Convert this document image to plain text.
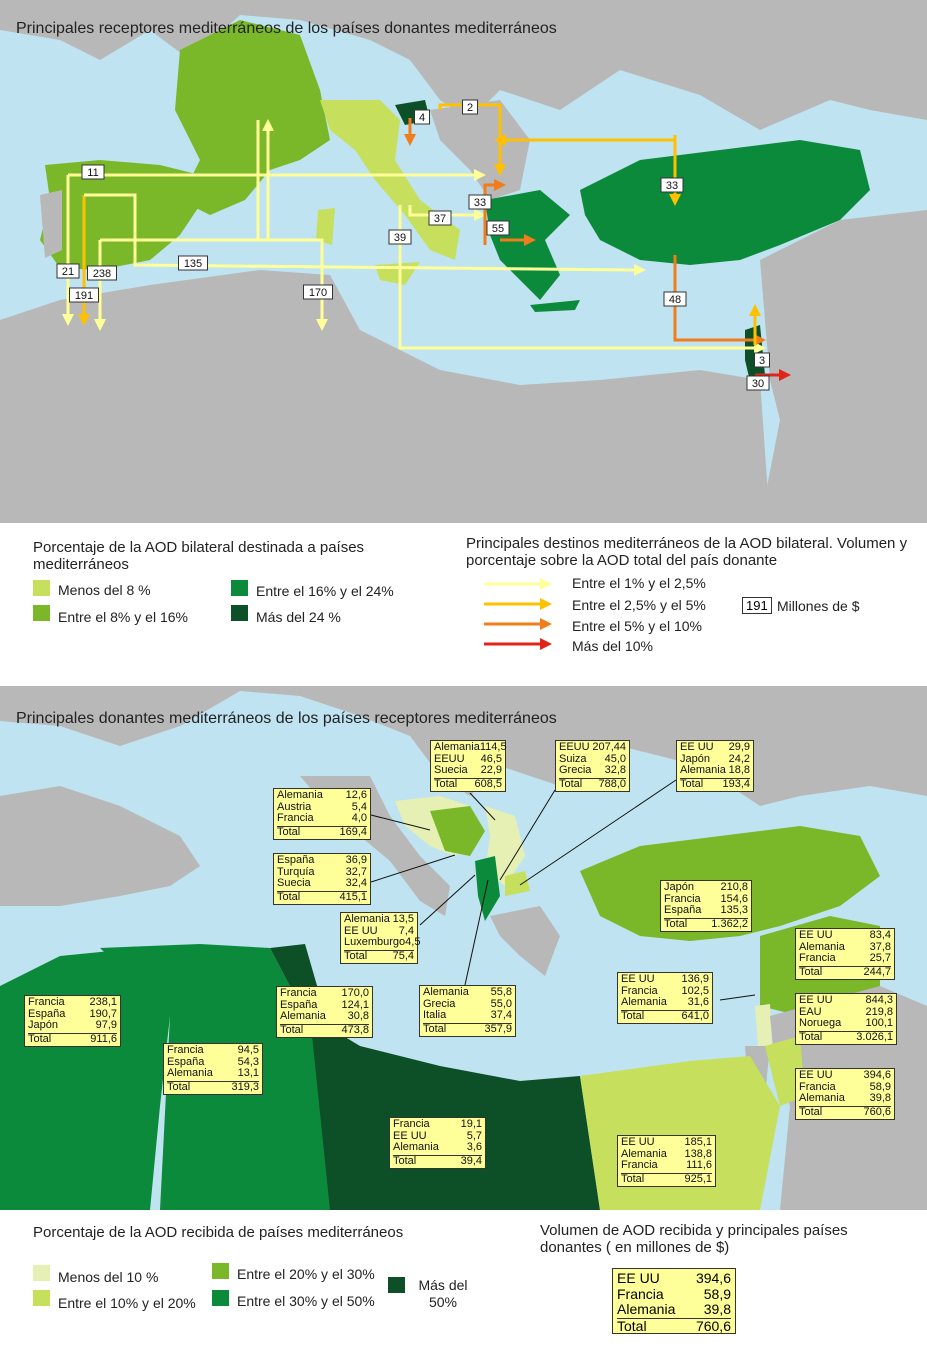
4
2
11
33
37
33
55
39
21 238
191
135
170
48
3
30
Principales receptores mediterráneos de los países donantes mediterráneos
Porcentaje de la AOD bilateral destinada a países mediterráneos
Menos del 8 %
Entre el 8% y el 16%
Entre el 16% y el 24%
Más del 24 %
Principales destinos mediterráneos de la AOD bilateral. Volumen y porcentaje sobre la AOD total del país donante
Entre el 1% y el 2,5%
Entre el 2,5% y el 5%
Entre el 5% y el 10%
Más del 10%
191 Millones de $
Principales donantes mediterráneos de los países receptores mediterráneos
Alemania 114,5
EEUU 46,5
Suecia 22,9
Total 608,5
EEUU 207,44
Suiza 45,0
Grecia 32,8
Total 788,0
EE UU 29,9
Japón 24,2
Alemania 18,8
Total 193,4
Alemania 12,6
Austria	5,4
Francia	4,0
Total	169,4
España	36,9
Turquía	32,7
Suecia	32,4
Total	415,1
Japón 210,8
Francia 154,6
España 135,3
Total 1.362,2
Alemania 13,5
EE UU 7,4
Luxemburgo 4,5
Total 75,4
EE UU	83,4
Alemania 37,8
Francia	25,7
Total	244,7
EE UU 136,9
Francia 102,5
Alemania 31,6
Total	641,0
EE UU	844,3
EAU	219,8
Noruega 100,1
Total	3.026,1
Francia 238,1
España 190,7
Japón	97,9
Total	911,6
Francia 170,0
España 124,1
Alemania 30,8
Total	473,8
Alemania 55,8
Grecia	55,0
Italia	37,4
Total	357,9
Francia	94,5
España	54,3
Alemania 13,1
Total	319,3
EE UU	394,6
Francia	58,9
Alemania 39,8
Total	760,6
Francia	19,1
EE UU	5,7
Alemania	3,6
Total	39,4
EE UU	185,1
Alemania 138,8
Francia	111,6
Total	925,1
Porcentaje de la AOD recibida de países mediterráneos
Menos del 10 %
Entre el 10% y el 20%
Entre el 20% y el 30%
Entre el 30% y el 50%
Más del 50%
Volumen de AOD recibida y principales países donantes ( en millones de $)
EE UU	394,6
Francia	58,9
Alemania 39,8
Total	760,6
